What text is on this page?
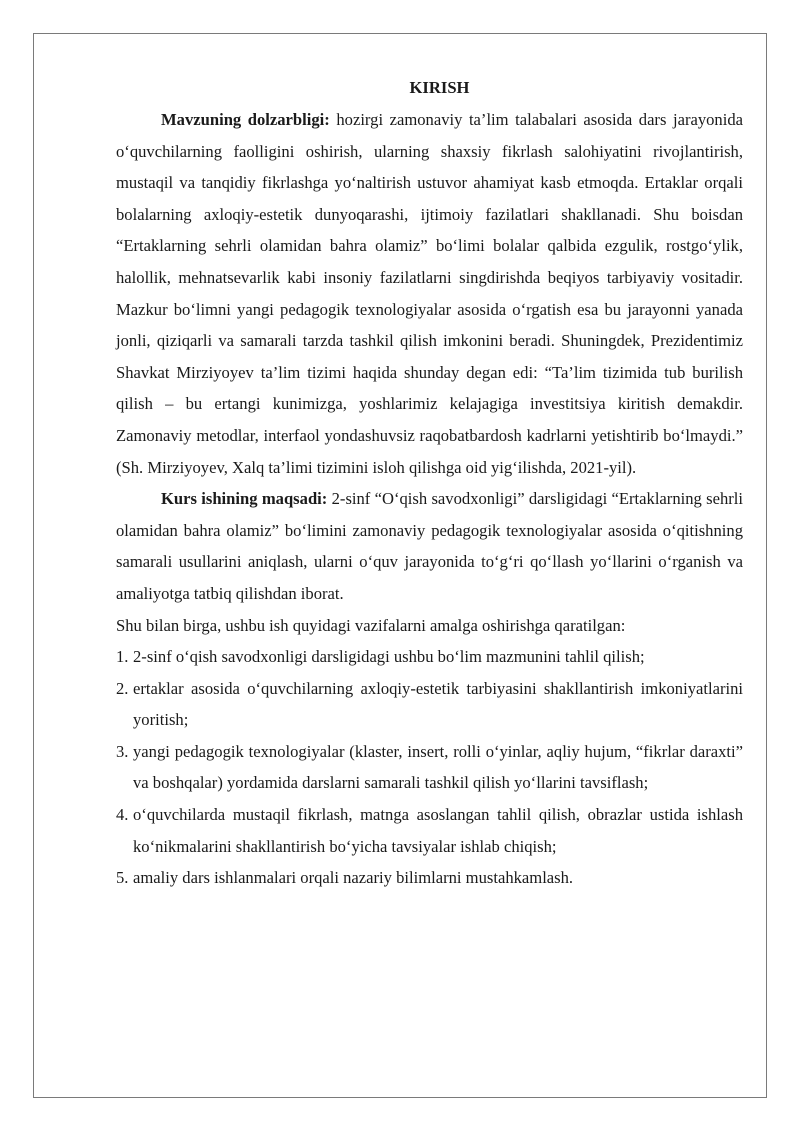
KIRISH

Mavzuning dolzarbligi: hozirgi zamonaviy ta’lim talabalari asosida dars jarayonida o‘quvchilarning faolligini oshirish, ularning shaxsiy fikrlash salohiyatini rivojlantirish, mustaqil va tanqidiy fikrlashga yo‘naltirish ustuvor ahamiyat kasb etmoqda. Ertaklar orqali bolalarning axloqiy-estetik dunyoqarashi, ijtimoiy fazilatlari shakllanadi. Shu boisdan “Ertaklarning sehrli olamidan bahra olamiz” bo‘limi bolalar qalbida ezgulik, rostgo‘ylik, halollik, mehnatsevarlik kabi insoniy fazilatlarni singdirishda beqiyos tarbiyaviy vositadir. Mazkur bo‘limni yangi pedagogik texnologiyalar asosida o‘rgatish esa bu jarayonni yanada jonli, qiziqarli va samarali tarzda tashkil qilish imkonini beradi. Shuningdek, Prezidentimiz Shavkat Mirziyoyev ta’lim tizimi haqida shunday degan edi: “Ta’lim tizimida tub burilish qilish – bu ertangi kunimizga, yoshlarimiz kelajagiga investitsiya kiritish demakdir. Zamonaviy metodlar, interfaol yondashuvsiz raqobatbardosh kadrlarni yetishtirib bo‘lmaydi.” (Sh. Mirziyoyev, Xalq ta’limi tizimini isloh qilishga oid yig‘ilishda, 2021-yil).

Kurs ishining maqsadi: 2-sinf “O‘qish savodxonligi” darsligidagi “Ertaklarning sehrli olamidan bahra olamiz” bo‘limini zamonaviy pedagogik texnologiyalar asosida o‘qitishning samarali usullarini aniqlash, ularni o‘quv jarayonida to‘g‘ri qo‘llash yo‘llarini o‘rganish va amaliyotga tatbiq qilishdan iborat.

Shu bilan birga, ushbu ish quyidagi vazifalarni amalga oshirishga qaratilgan:

1. 2-sinf o‘qish savodxonligi darsligidagi ushbu bo‘lim mazmunini tahlil qilish;
2. ertaklar asosida o‘quvchilarning axloqiy-estetik tarbiyasini shakllantirish imkoniyatlarini yoritish;
3. yangi pedagogik texnologiyalar (klaster, insert, rolli o‘yinlar, aqliy hujum, “fikrlar daraxti” va boshqalar) yordamida darslarni samarali tashkil qilish yo‘llarini tavsiflash;
4. o‘quvchilarda mustaqil fikrlash, matnga asoslangan tahlil qilish, obrazlar ustida ishlash ko‘nikmalarini shakllantirish bo‘yicha tavsiyalar ishlab chiqish;
5. amaliy dars ishlanmalari orqali nazariy bilimlarni mustahkamlash.
